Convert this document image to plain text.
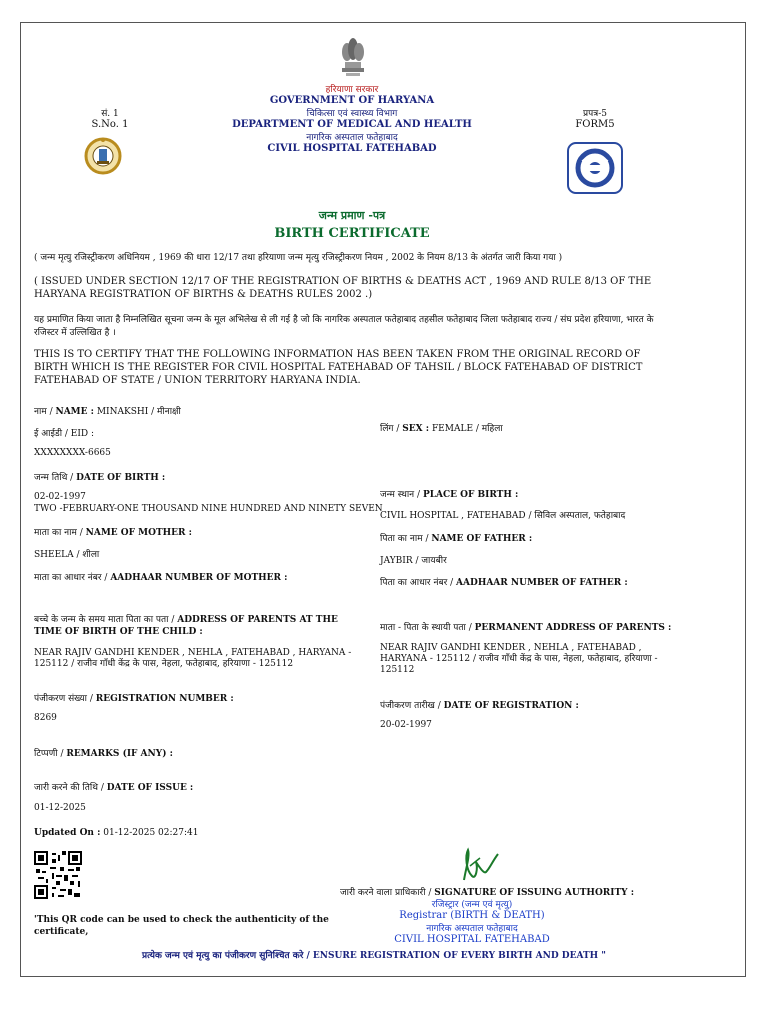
हरियाणा सरकार
GOVERNMENT OF HARYANA
चिकित्सा एवं स्वास्थ्य विभाग
DEPARTMENT OF MEDICAL AND HEALTH
नागरिक अस्पताल फतेहाबाद
CIVIL HOSPITAL FATEHABAD
सं. 1
S.No. 1
प्रपत्र-5
FORM5
जन्म प्रमाण -पत्र
BIRTH CERTIFICATE
( जन्म मृत्यु रजिस्ट्रीकरण अधिनियम , 1969 की धारा 12/17 तथा हरियाणा जन्म मृत्यु रजिस्ट्रीकरण नियम , 2002 के नियम 8/13 के अंतर्गत जारी किया गया )
( ISSUED UNDER SECTION 12/17 OF THE REGISTRATION OF BIRTHS & DEATHS ACT , 1969 AND RULE 8/13 OF THE HARYANA REGISTRATION OF BIRTHS & DEATHS RULES 2002 .)
यह प्रमाणित किया जाता है निम्नलिखित सूचना जन्म के मूल अभिलेख से ली गई है जो कि नागरिक अस्पताल फतेहाबाद तहसील फतेहाबाद जिला फतेहाबाद राज्य / संघ प्रदेश हरियाणा, भारत के रजिस्टर में उल्लिखित है ।
THIS IS TO CERTIFY THAT THE FOLLOWING INFORMATION HAS BEEN TAKEN FROM THE ORIGINAL RECORD OF BIRTH WHICH IS THE REGISTER FOR CIVIL HOSPITAL FATEHABAD OF TAHSIL / BLOCK FATEHABAD OF DISTRICT FATEHABAD OF STATE / UNION TERRITORY HARYANA INDIA.
नाम / NAME : MINAKSHI / मीनाक्षी
ई आईडी / EID :
XXXXXXXX-6665
लिंग / SEX : FEMALE / महिला
जन्म तिथि / DATE OF BIRTH :
02-02-1997
TWO -FEBRUARY-ONE THOUSAND NINE HUNDRED AND NINETY SEVEN
जन्म स्थान / PLACE OF BIRTH :
CIVIL HOSPITAL , FATEHABAD / सिविल अस्पताल, फतेहाबाद
माता का नाम / NAME OF MOTHER :
SHEELA / शीला
पिता का नाम / NAME OF FATHER :
JAYBIR / जायबीर
माता का आधार नंबर / AADHAAR NUMBER OF MOTHER :	पिता का आधार नंबर / AADHAAR NUMBER OF FATHER :
बच्चे के जन्म के समय माता पिता का पता / ADDRESS OF PARENTS AT THE TIME OF BIRTH OF THE CHILD :
NEAR RAJIV GANDHI KENDER , NEHLA , FATEHABAD , HARYANA - 125112 / राजीव गाँधी केंद्र के पास, नेहला, फतेहाबाद, हरियाणा - 125112
माता - पिता के स्थायी पता / PERMANENT ADDRESS OF PARENTS :
NEAR RAJIV GANDHI KENDER , NEHLA , FATEHABAD , HARYANA - 125112 / राजीव गाँधी केंद्र के पास, नेहला, फतेहाबाद, हरियाणा - 125112
पंजीकरण संख्या / REGISTRATION NUMBER :
8269
पंजीकरण तारीख / DATE OF REGISTRATION :
20-02-1997
टिप्पणी / REMARKS (IF ANY) :
जारी करने की तिथि / DATE OF ISSUE :
01-12-2025
Updated On : 01-12-2025 02:27:41
'This QR code can be used to check the authenticity of the certificate,
जारी करने वाला प्राधिकारी / SIGNATURE OF ISSUING AUTHORITY :
रजिस्ट्रार (जन्म एवं मृत्यु)
Registrar (BIRTH & DEATH)
नागरिक अस्पताल फतेहाबाद
CIVIL HOSPITAL FATEHABAD
प्रत्येक जन्म एवं मृत्यु का पंजीकरण सुनिश्चित करे / ENSURE REGISTRATION OF EVERY BIRTH AND DEATH "
